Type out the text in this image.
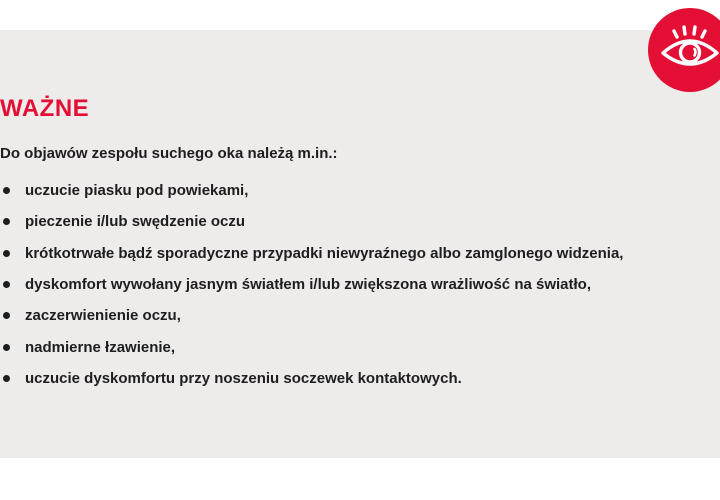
WAŻNE

Do objawów zespołu suchego oka należą m.in.:

uczucie piasku pod powiekami,
pieczenie i/lub swędzenie oczu
krótkotrwałe bądź sporadyczne przypadki niewyraźnego albo zamglonego widzenia,
dyskomfort wywołany jasnym światłem i/lub zwiększona wrażliwość na światło,
zaczerwienienie oczu,
nadmierne łzawienie,
uczucie dyskomfortu przy noszeniu soczewek kontaktowych.
